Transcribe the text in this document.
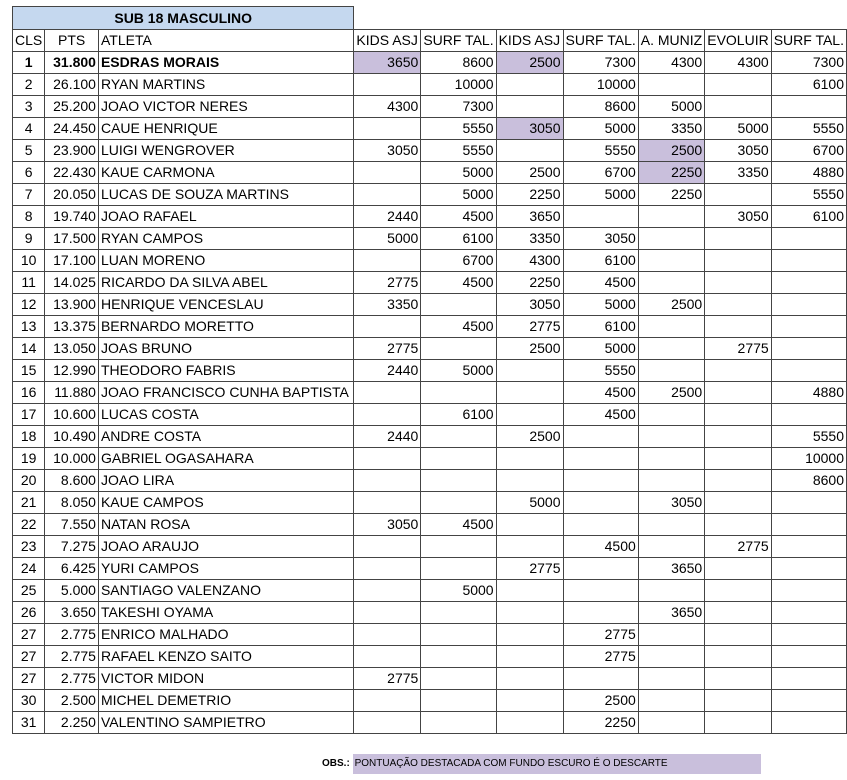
SUB 18 MASCULINO									
CLS	PTS	ATLETA	KIDS ASJ	SURF TAL.	KIDS ASJ	SURF TAL.	A. MUNIZ	EVOLUIR	SURF TAL.
1	31.800	ESDRAS MORAIS	3650	8600	2500	7300	4300	4300	7300
2	26.100	RYAN MARTINS		10000		10000			6100
3	25.200	JOAO VICTOR NERES	4300	7300		8600	5000		
4	24.450	CAUE HENRIQUE		5550	3050	5000	3350	5000	5550
5	23.900	LUIGI WENGROVER	3050	5550		5550	2500	3050	6700
6	22.430	KAUE CARMONA		5000	2500	6700	2250	3350	4880
7	20.050	LUCAS DE SOUZA MARTINS		5000	2250	5000	2250		5550
8	19.740	JOAO RAFAEL	2440	4500	3650			3050	6100
9	17.500	RYAN CAMPOS	5000	6100	3350	3050			
10	17.100	LUAN MORENO		6700	4300	6100			
11	14.025	RICARDO DA SILVA ABEL	2775	4500	2250	4500			
12	13.900	HENRIQUE VENCESLAU	3350		3050	5000	2500		
13	13.375	BERNARDO MORETTO		4500	2775	6100			
14	13.050	JOAS BRUNO	2775		2500	5000		2775	
15	12.990	THEODORO FABRIS	2440	5000		5550			
16	11.880	JOAO FRANCISCO CUNHA BAPTISTA				4500	2500		4880
17	10.600	LUCAS COSTA		6100		4500			
18	10.490	ANDRE COSTA	2440		2500				5550
19	10.000	GABRIEL OGASAHARA							10000
20	8.600	JOAO LIRA							8600
21	8.050	KAUE CAMPOS			5000		3050		
22	7.550	NATAN ROSA	3050	4500					
23	7.275	JOAO ARAUJO				4500		2775	
24	6.425	YURI CAMPOS			2775		3650		
25	5.000	SANTIAGO VALENZANO		5000					
26	3.650	TAKESHI OYAMA					3650		
27	2.775	ENRICO MALHADO				2775			
27	2.775	RAFAEL KENZO SAITO				2775			
27	2.775	VICTOR MIDON	2775						
30	2.500	MICHEL DEMETRIO				2500			
31	2.250	VALENTINO SAMPIETRO				2250			
OBS.: PONTUAÇÃO DESTACADA COM FUNDO ESCURO É O DESCARTE
